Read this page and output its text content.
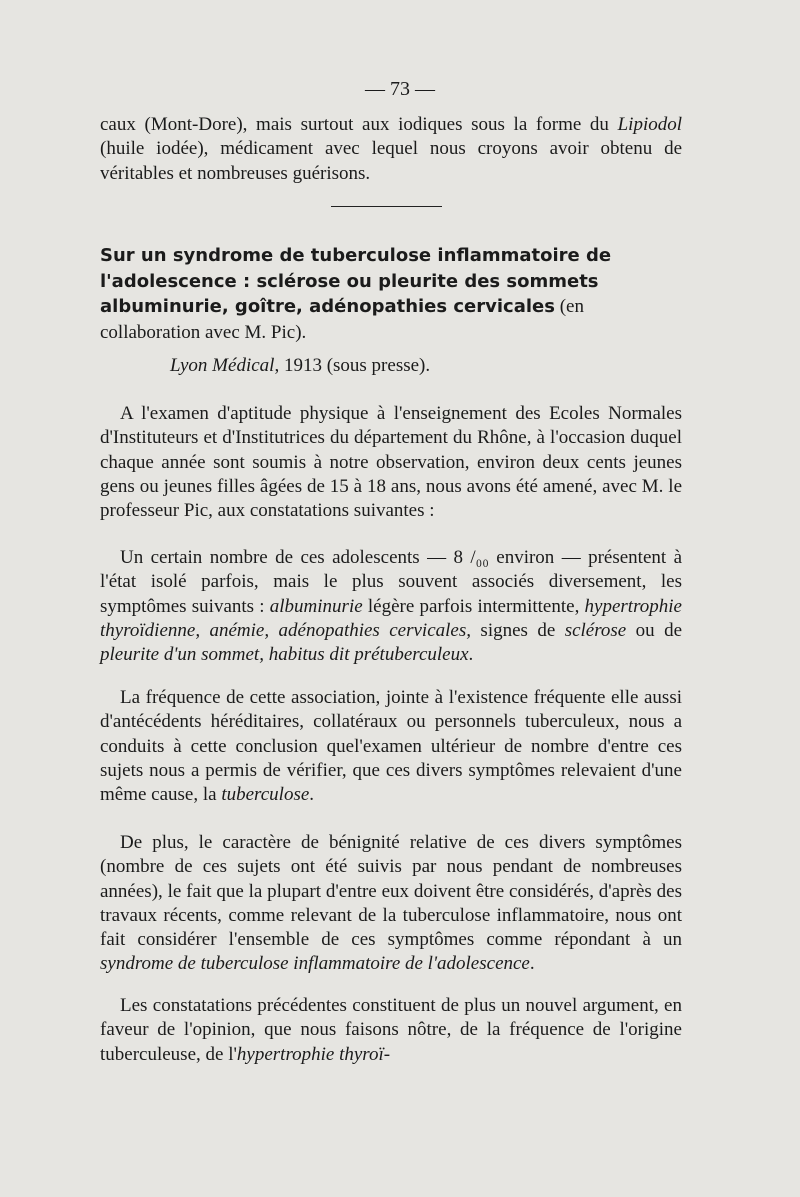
— 73 —
caux (Mont-Dore), mais surtout aux iodiques sous la forme du Lipiodol (huile iodée), médicament avec lequel nous croyons avoir obtenu de véritables et nombreuses guérisons.
Sur un syndrome de tuberculose inflammatoire de l'adolescence : sclérose ou pleurite des sommets albuminurie, goître, adénopathies cervicales (en collaboration avec M. Pic).
Lyon Médical, 1913 (sous presse).
A l'examen d'aptitude physique à l'enseignement des Ecoles Normales d'Instituteurs et d'Institutrices du département du Rhône, à l'occasion duquel chaque année sont soumis à notre observation, environ deux cents jeunes gens ou jeunes filles âgées de 15 à 18 ans, nous avons été amené, avec M. le professeur Pic, aux constatations suivantes :
Un certain nombre de ces adolescents — 8 /₀₀ environ — présentent à l'état isolé parfois, mais le plus souvent associés diversement, les symptômes suivants : albuminurie légère parfois intermittente, hypertrophie thyroïdienne, anémie, adénopathies cervicales, signes de sclérose ou de pleurite d'un sommet, habitus dit prétuberculeux.
La fréquence de cette association, jointe à l'existence fréquente elle aussi d'antécédents héréditaires, collatéraux ou personnels tuberculeux, nous a conduits à cette conclusion quel'examen ultérieur de nombre d'entre ces sujets nous a permis de vérifier, que ces divers symptômes relevaient d'une même cause, la tuberculose.
De plus, le caractère de bénignité relative de ces divers symptômes (nombre de ces sujets ont été suivis par nous pendant de nombreuses années), le fait que la plupart d'entre eux doivent être considérés, d'après des travaux récents, comme relevant de la tuberculose inflammatoire, nous ont fait considérer l'ensemble de ces symptômes comme répondant à un syndrome de tuberculose inflammatoire de l'adolescence.
Les constatations précédentes constituent de plus un nouvel argument, en faveur de l'opinion, que nous faisons nôtre, de la fréquence de l'origine tuberculeuse, de l'hypertrophie thyroï-
